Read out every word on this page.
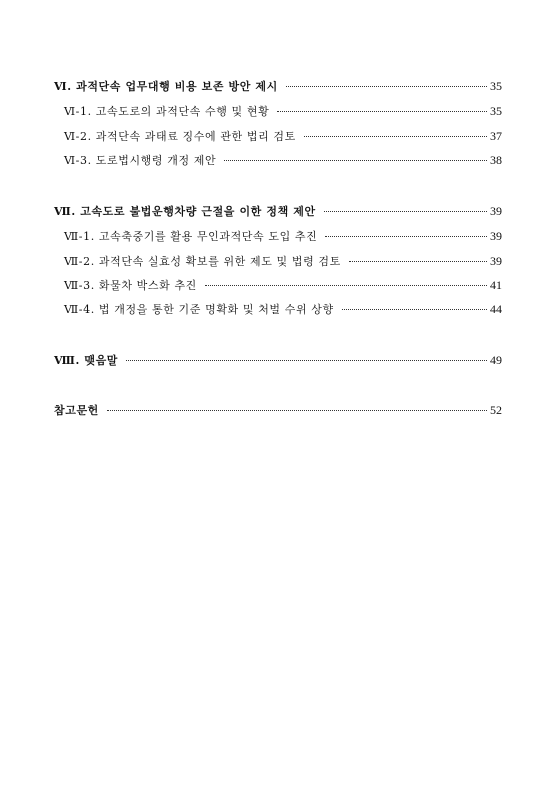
Ⅵ. 과적단속 업무대행 비용 보존 방안 제시	35
Ⅵ-1. 고속도로의 과적단속 수행 및 현황	35
Ⅵ-2. 과적단속 과태료 징수에 관한 법리 검토	37
Ⅵ-3. 도로법시행령 개정 제안	38
Ⅶ. 고속도로 불법운행차량 근절을 이한 정책 제안	39
Ⅶ-1. 고속축중기를 활용 무인과적단속 도입 추진	39
Ⅶ-2. 과적단속 실효성 확보를 위한 제도 및 법령 검토	39
Ⅶ-3. 화물차 박스화 추진	41
Ⅶ-4. 법 개정을 통한 기준 명확화 및 처벌 수위 상향	44
Ⅷ. 맺음말	49
참고문헌	52
